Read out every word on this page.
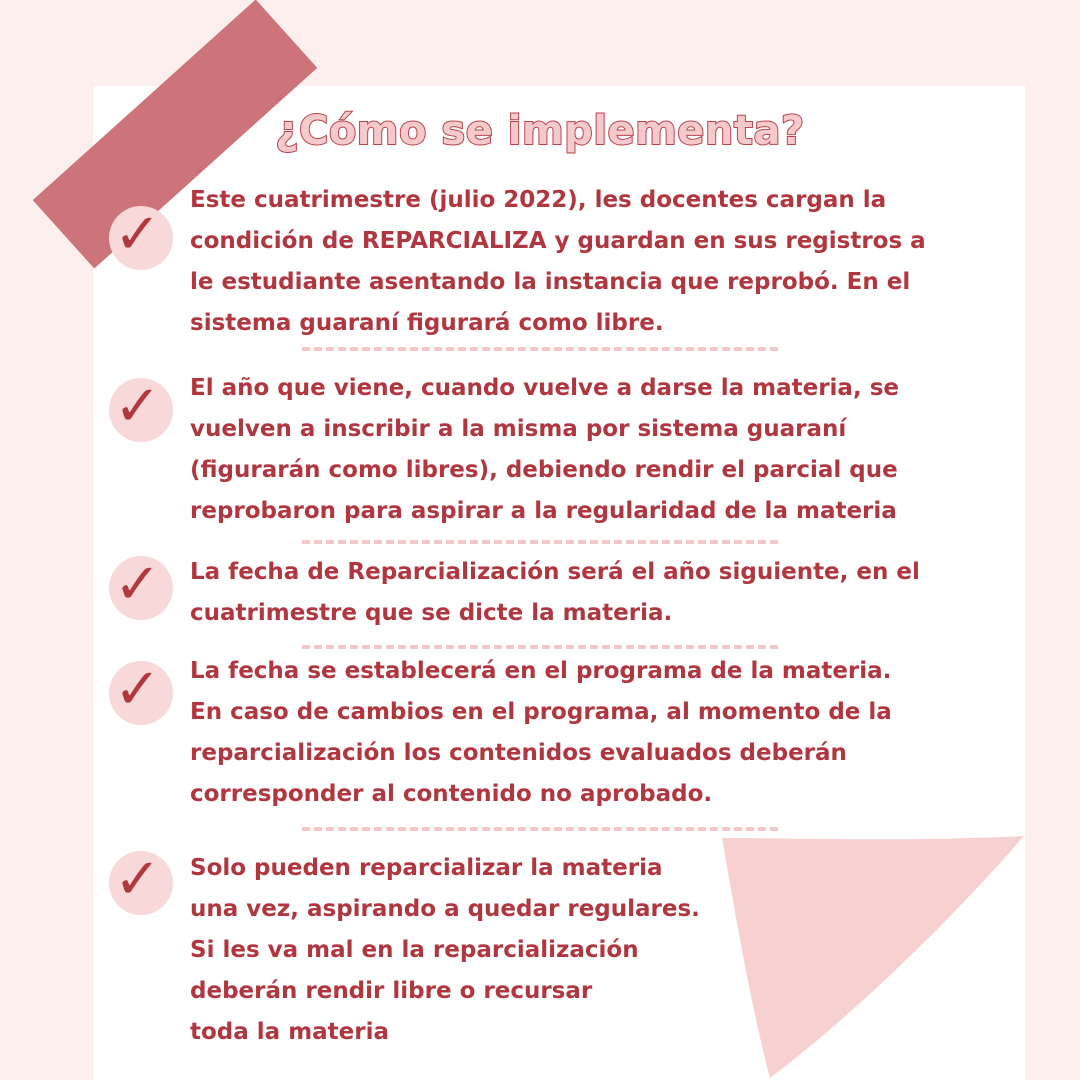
¿Cómo se implementa?
✓
Este cuatrimestre (julio 2022), les docentes cargan la
condición de REPARCIALIZA y guardan en sus registros a
le estudiante asentando la instancia que reprobó. En el
sistema guaraní figurará como libre.
✓	El año que viene, cuando vuelve a darse la materia, se
vuelven a inscribir a la misma por sistema guaraní
(figurarán como libres), debiendo rendir el parcial que
reprobaron para aspirar a la regularidad de la materia
✓	La fecha de Reparcialización será el año siguiente, en el
cuatrimestre que se dicte la materia.
✓	La fecha se establecerá en el programa de la materia.
En caso de cambios en el programa, al momento de la
reparcialización los contenidos evaluados deberán
corresponder al contenido no aprobado.
✓	Solo pueden reparcializar la materia
una vez, aspirando a quedar regulares.
Si les va mal en la reparcialización
deberán rendir libre o recursar
toda la materia
